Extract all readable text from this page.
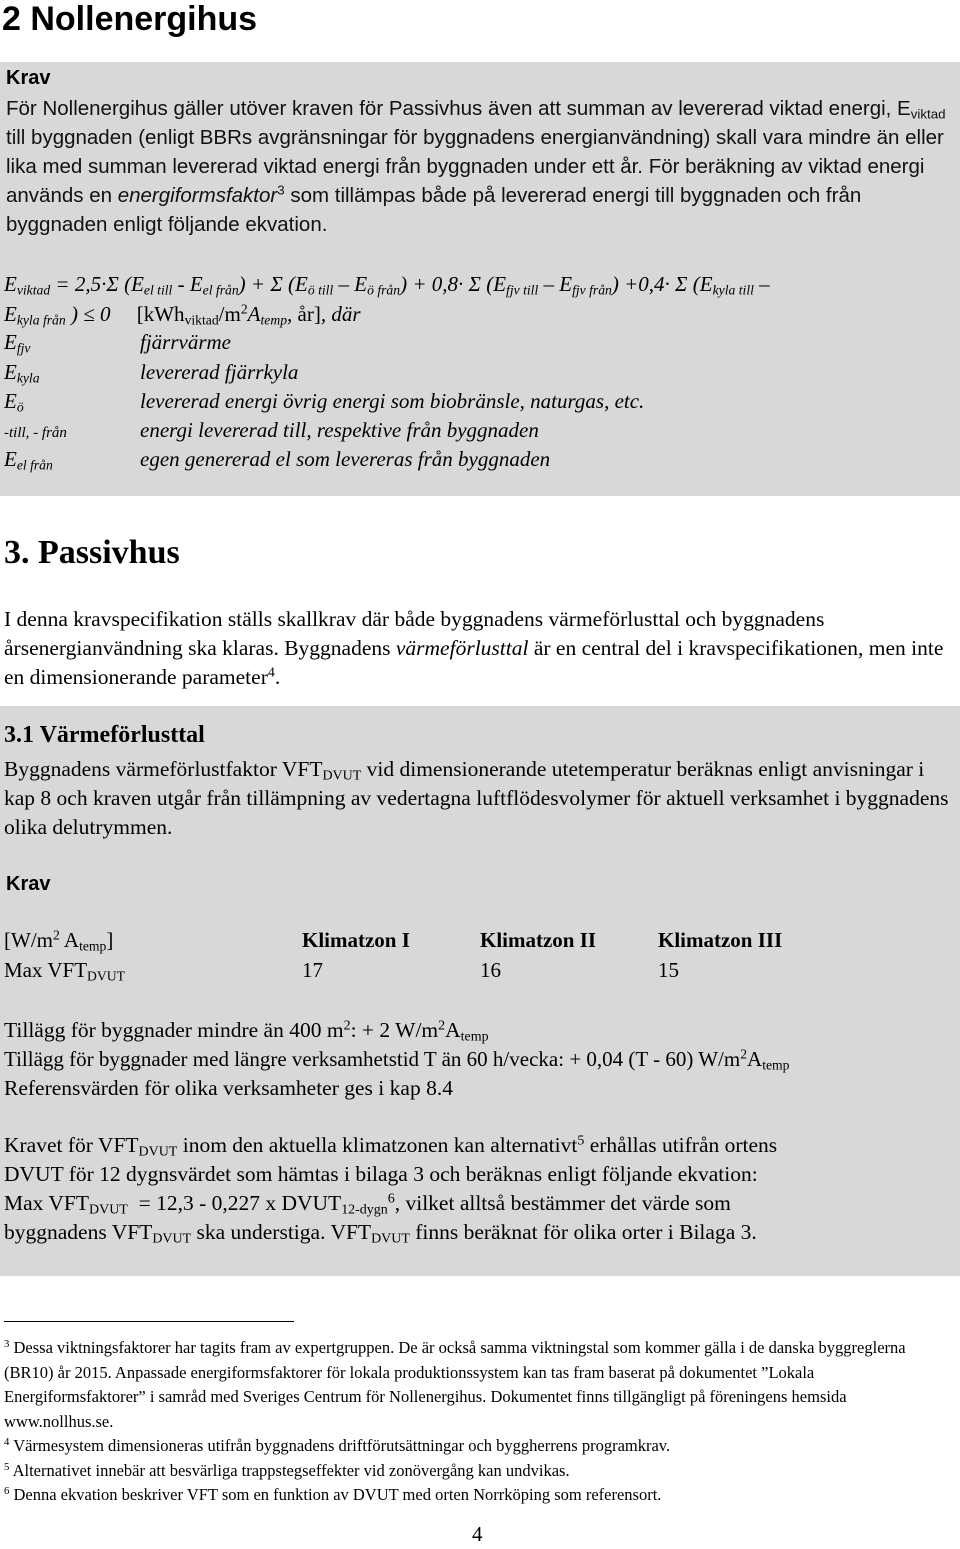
2 Nollenergihus
Krav

För Nollenergihus gäller utöver kraven för Passivhus även att summan av levererad viktad energi, $E_{viktad}$ till byggnaden (enligt BBRs avgränsningar för byggnadens energianvändning) skall vara mindre än eller lika med summan levererad viktad energi från byggnaden under ett år. För beräkning av viktad energi används en energiformsfaktor$^3$ som tillämpas både på levererad energi till byggnaden och från byggnaden enligt följande ekvation.

$E_{viktad} = 2,5\cdot\Sigma$ $(E_{el till} - E_{el från}) + \Sigma$ $(E_{ö till} - E_{ö från}) + 0,8\cdot \Sigma$ $(E_{fjv till} - E_{fjv från}) +0,4\cdot \Sigma$ ($E_{kyla till}$ –
$E_{kyla från}$ ) ≤ 0     [$kWh_{viktad}/m^2A_{temp}$, år], där
$E_{fjv}$	fjärrvärme
$E_{kyla}$	levererad fjärrkyla
$E_ö$	levererad energi övrig energi som biobränsle, naturgas, etc.
-till, - från	energi levererad till, respektive från byggnaden
$E_{el från}$	egen genererad el som levereras från byggnaden
3. Passivhus

I denna kravspecifikation ställs skallkrav där både byggnadens värmeförlusttal och byggnadens årsenergianvändning ska klaras. Byggnadens värmeförlusttal är en central del i kravspecifikationen, men inte en dimensionerande parameter$^4$.

3.1 Värmeförlusttal

Byggnadens värmeförlustfaktor $VFT_{DVUT}$ vid dimensionerande utetemperatur beräknas enligt anvisningar i kap 8 och kraven utgår från tillämpning av vedertagna luftflödesvolymer för aktuell verksamhet i byggnadens olika delutrymmen.

Krav
[$W/m^2$ $A_{temp}$]	Klimatzon I	Klimatzon II	Klimatzon III
Max $VFT_{DVUT}$	17	16	15
Tillägg för byggnader mindre än 400 $m^2$: + 2 $W/m^2A_{temp}$
Tillägg för byggnader med längre verksamhetstid T än 60 h/vecka: + 0,04 (T - 60) $W/m^2A_{temp}$
Referensvärden för olika verksamheter ges i kap 8.4
Kravet för $VFT_{DVUT}$ inom den aktuella klimatzonen kan alternativt$^5$ erhållas utifrån ortens
DVUT för 12 dygnsvärdet som hämtas i bilaga 3 och beräknas enligt följande ekvation:
Max $VFT_{DVUT} = 12,3 - 0,227$ x $DVUT_{12-dygn}^6$, vilket alltså bestämmer det värde som
byggnadens $VFT_{DVUT}$ ska understiga. $VFT_{DVUT}$ finns beräknat för olika orter i Bilaga 3.
$^3$ Dessa viktningsfaktorer har tagits fram av expertgruppen. De är också samma viktningstal som kommer gälla i de danska byggreglerna (BR10) år 2015. Anpassade energiformsfaktorer för lokala produktionssystem kan tas fram baserat på dokumentet ”Lokala Energiformsfaktorer” i samråd med Sveriges Centrum för Nollenergihus. Dokumentet finns tillgängligt på föreningens hemsida www.nollhus.se.
$^4$ Värmesystem dimensioneras utifrån byggnadens driftförutsättningar och byggherrens programkrav.
$^5$ Alternativet innebär att besvärliga trappstegseffekter vid zonövergång kan undvikas.
$^6$ Denna ekvation beskriver VFT som en funktion av DVUT med orten Norrköping som referensort.
4
